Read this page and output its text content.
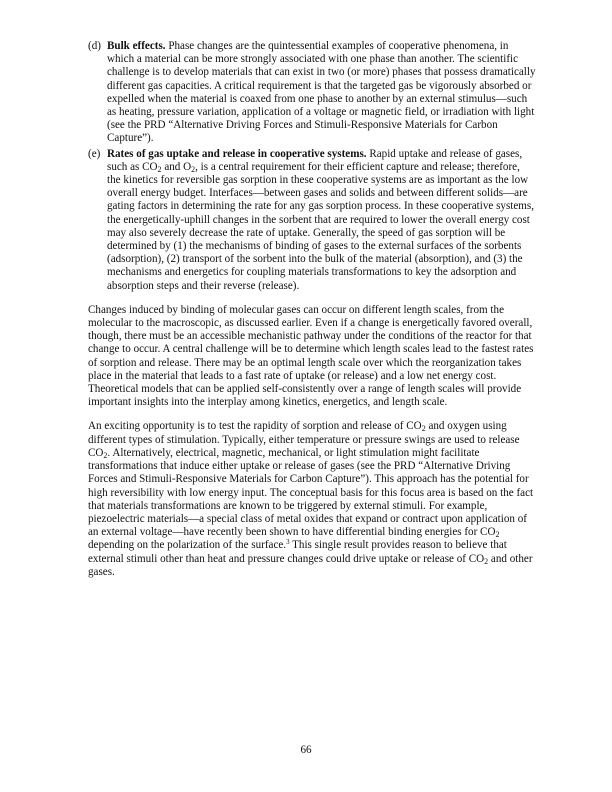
(d) Bulk effects. Phase changes are the quintessential examples of cooperative phenomena, in which a material can be more strongly associated with one phase than another. The scientific challenge is to develop materials that can exist in two (or more) phases that possess dramatically different gas capacities. A critical requirement is that the targeted gas be vigorously absorbed or expelled when the material is coaxed from one phase to another by an external stimulus—such as heating, pressure variation, application of a voltage or magnetic field, or irradiation with light (see the PRD “Alternative Driving Forces and Stimuli-Responsive Materials for Carbon Capture”).
(e) Rates of gas uptake and release in cooperative systems. Rapid uptake and release of gases, such as $CO_2$ and $O_2$, is a central requirement for their efficient capture and release; therefore, the kinetics for reversible gas sorption in these cooperative systems are as important as the low overall energy budget. Interfaces—between gases and solids and between different solids—are gating factors in determining the rate for any gas sorption process. In these cooperative systems, the energetically-uphill changes in the sorbent that are required to lower the overall energy cost may also severely decrease the rate of uptake. Generally, the speed of gas sorption will be determined by (1) the mechanisms of binding of gases to the external surfaces of the sorbents (adsorption), (2) transport of the sorbent into the bulk of the material (absorption), and (3) the mechanisms and energetics for coupling materials transformations to key the adsorption and absorption steps and their reverse (release).

Changes induced by binding of molecular gases can occur on different length scales, from the molecular to the macroscopic, as discussed earlier. Even if a change is energetically favored overall, though, there must be an accessible mechanistic pathway under the conditions of the reactor for that change to occur. A central challenge will be to determine which length scales lead to the fastest rates of sorption and release. There may be an optimal length scale over which the reorganization takes place in the material that leads to a fast rate of uptake (or release) and a low net energy cost. Theoretical models that can be applied self-consistently over a range of length scales will provide important insights into the interplay among kinetics, energetics, and length scale.

An exciting opportunity is to test the rapidity of sorption and release of $CO_2$ and oxygen using different types of stimulation. Typically, either temperature or pressure swings are used to release $CO_2$. Alternatively, electrical, magnetic, mechanical, or light stimulation might facilitate transformations that induce either uptake or release of gases (see the PRD “Alternative Driving Forces and Stimuli-Responsive Materials for Carbon Capture”). This approach has the potential for high reversibility with low energy input. The conceptual basis for this focus area is based on the fact that materials transformations are known to be triggered by external stimuli. For example, piezoelectric materials—a special class of metal oxides that expand or contract upon application of an external voltage—have recently been shown to have differential binding energies for $CO_2$ depending on the polarization of the surface.$^3$ This single result provides reason to believe that external stimuli other than heat and pressure changes could drive uptake or release of $CO_2$ and other gases.

66
